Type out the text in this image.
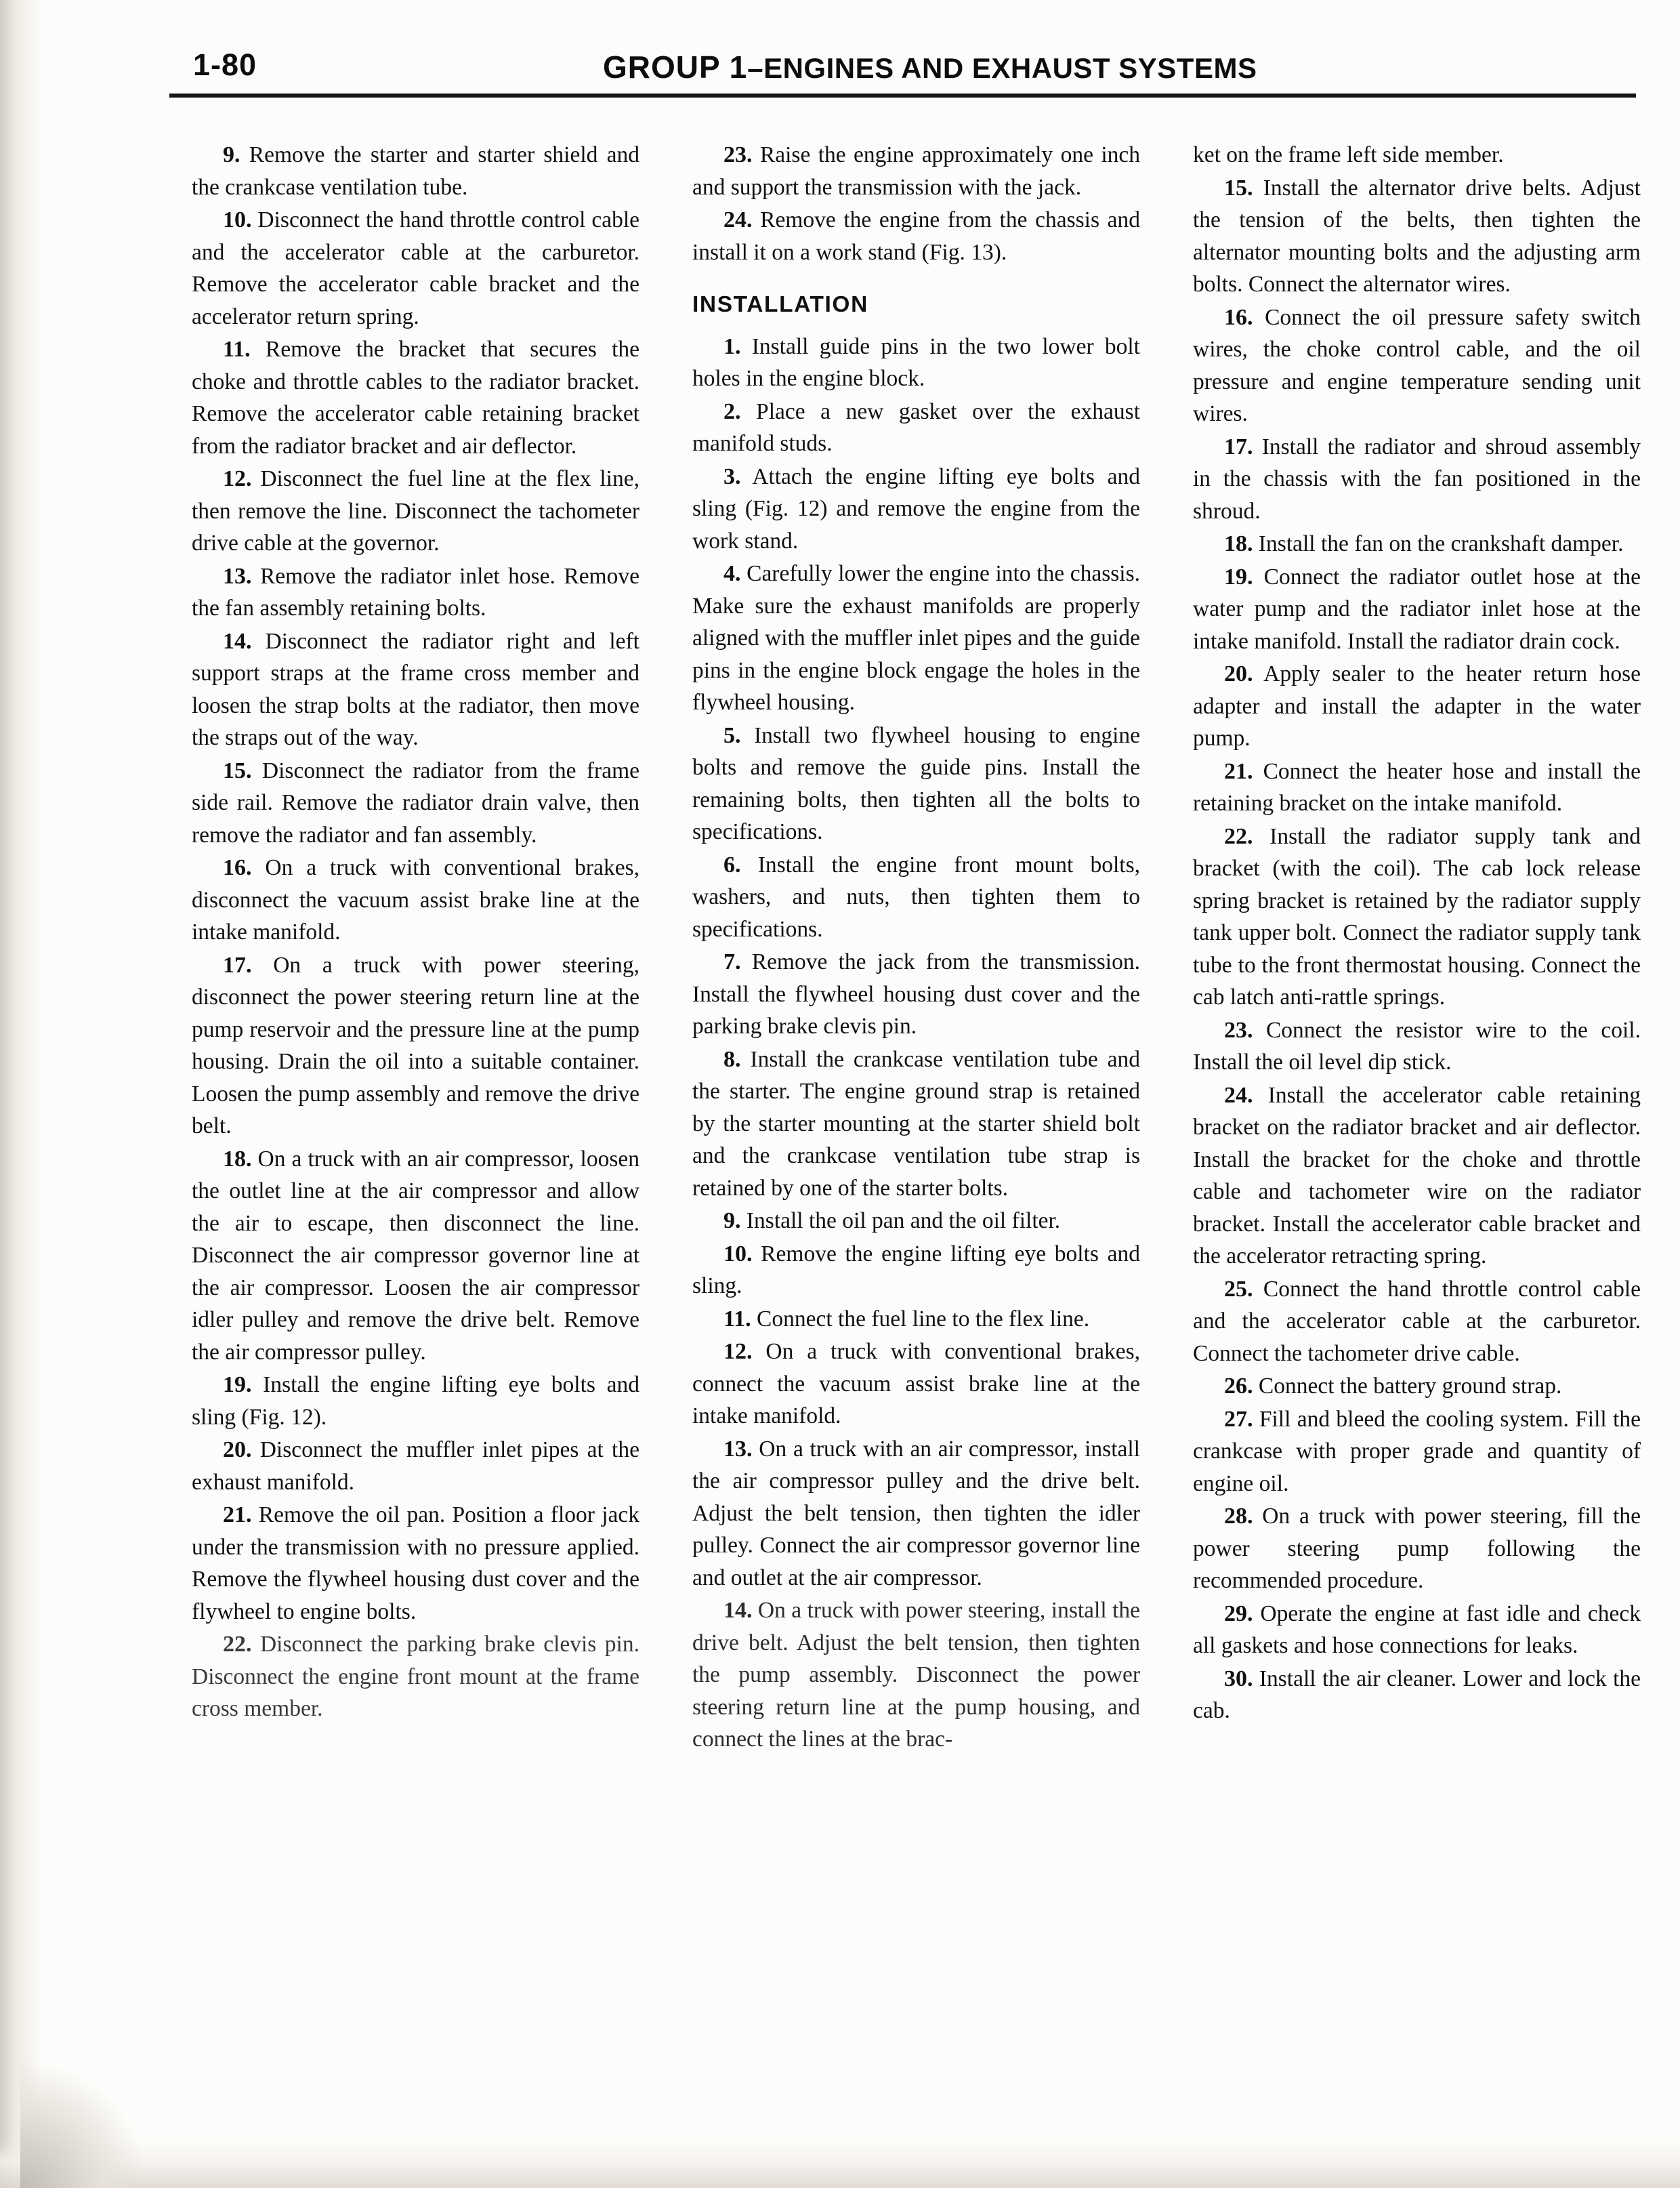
1-80	GROUP 1–ENGINES AND EXHAUST SYSTEMS

9. Remove the starter and starter shield and the crankcase ventilation tube.

10. Disconnect the hand throttle control cable and the accelerator cable at the carburetor. Remove the accelerator cable bracket and the accelerator return spring.

11. Remove the bracket that secures the choke and throttle cables to the radiator bracket. Remove the accelerator cable retaining bracket from the radiator bracket and air deflector.

12. Disconnect the fuel line at the flex line, then remove the line. Disconnect the tachometer drive cable at the governor.

13. Remove the radiator inlet hose. Remove the fan assembly retaining bolts.

14. Disconnect the radiator right and left support straps at the frame cross member and loosen the strap bolts at the radiator, then move the straps out of the way.

15. Disconnect the radiator from the frame side rail. Remove the radiator drain valve, then remove the radiator and fan assembly.

16. On a truck with conventional brakes, disconnect the vacuum assist brake line at the intake manifold.

17. On a truck with power steering, disconnect the power steering return line at the pump reservoir and the pressure line at the pump housing. Drain the oil into a suitable container. Loosen the pump assembly and remove the drive belt.

18. On a truck with an air compressor, loosen the outlet line at the air compressor and allow the air to escape, then disconnect the line. Disconnect the air compressor governor line at the air compressor. Loosen the air compressor idler pulley and remove the drive belt. Remove the air compressor pulley.

19. Install the engine lifting eye bolts and sling (Fig. 12).

20. Disconnect the muffler inlet pipes at the exhaust manifold.

21. Remove the oil pan. Position a floor jack under the transmission with no pressure applied. Remove the flywheel housing dust cover and the flywheel to engine bolts.

22. Disconnect the parking brake clevis pin. Disconnect the engine front mount at the frame cross member.

23. Raise the engine approximately one inch and support the transmission with the jack.

24. Remove the engine from the chassis and install it on a work stand (Fig. 13).

INSTALLATION

1. Install guide pins in the two lower bolt holes in the engine block.

2. Place a new gasket over the exhaust manifold studs.

3. Attach the engine lifting eye bolts and sling (Fig. 12) and remove the engine from the work stand.

4. Carefully lower the engine into the chassis. Make sure the exhaust manifolds are properly aligned with the muffler inlet pipes and the guide pins in the engine block engage the holes in the flywheel housing.

5. Install two flywheel housing to engine bolts and remove the guide pins. Install the remaining bolts, then tighten all the bolts to specifications.

6. Install the engine front mount bolts, washers, and nuts, then tighten them to specifications.

7. Remove the jack from the transmission. Install the flywheel housing dust cover and the parking brake clevis pin.

8. Install the crankcase ventilation tube and the starter. The engine ground strap is retained by the starter mounting at the starter shield bolt and the crankcase ventilation tube strap is retained by one of the starter bolts.

9. Install the oil pan and the oil filter.

10. Remove the engine lifting eye bolts and sling.

11. Connect the fuel line to the flex line.

12. On a truck with conventional brakes, connect the vacuum assist brake line at the intake manifold.

13. On a truck with an air compressor, install the air compressor pulley and the drive belt. Adjust the belt tension, then tighten the idler pulley. Connect the air compressor governor line and outlet at the air compressor.

14. On a truck with power steering, install the drive belt. Adjust the belt tension, then tighten the pump assembly. Disconnect the power steering return line at the pump housing, and connect the lines at the brac-

ket on the frame left side member.

15. Install the alternator drive belts. Adjust the tension of the belts, then tighten the alternator mounting bolts and the adjusting arm bolts. Connect the alternator wires.

16. Connect the oil pressure safety switch wires, the choke control cable, and the oil pressure and engine temperature sending unit wires.

17. Install the radiator and shroud assembly in the chassis with the fan positioned in the shroud.

18. Install the fan on the crankshaft damper.

19. Connect the radiator outlet hose at the water pump and the radiator inlet hose at the intake manifold. Install the radiator drain cock.

20. Apply sealer to the heater return hose adapter and install the adapter in the water pump.

21. Connect the heater hose and install the retaining bracket on the intake manifold.

22. Install the radiator supply tank and bracket (with the coil). The cab lock release spring bracket is retained by the radiator supply tank upper bolt. Connect the radiator supply tank tube to the front thermostat housing. Connect the cab latch anti-rattle springs.

23. Connect the resistor wire to the coil. Install the oil level dip stick.

24. Install the accelerator cable retaining bracket on the radiator bracket and air deflector. Install the bracket for the choke and throttle cable and tachometer wire on the radiator bracket. Install the accelerator cable bracket and the accelerator retracting spring.

25. Connect the hand throttle control cable and the accelerator cable at the carburetor. Connect the tachometer drive cable.

26. Connect the battery ground strap.

27. Fill and bleed the cooling system. Fill the crankcase with proper grade and quantity of engine oil.

28. On a truck with power steering, fill the power steering pump following the recommended procedure.

29. Operate the engine at fast idle and check all gaskets and hose connections for leaks.

30. Install the air cleaner. Lower and lock the cab.
